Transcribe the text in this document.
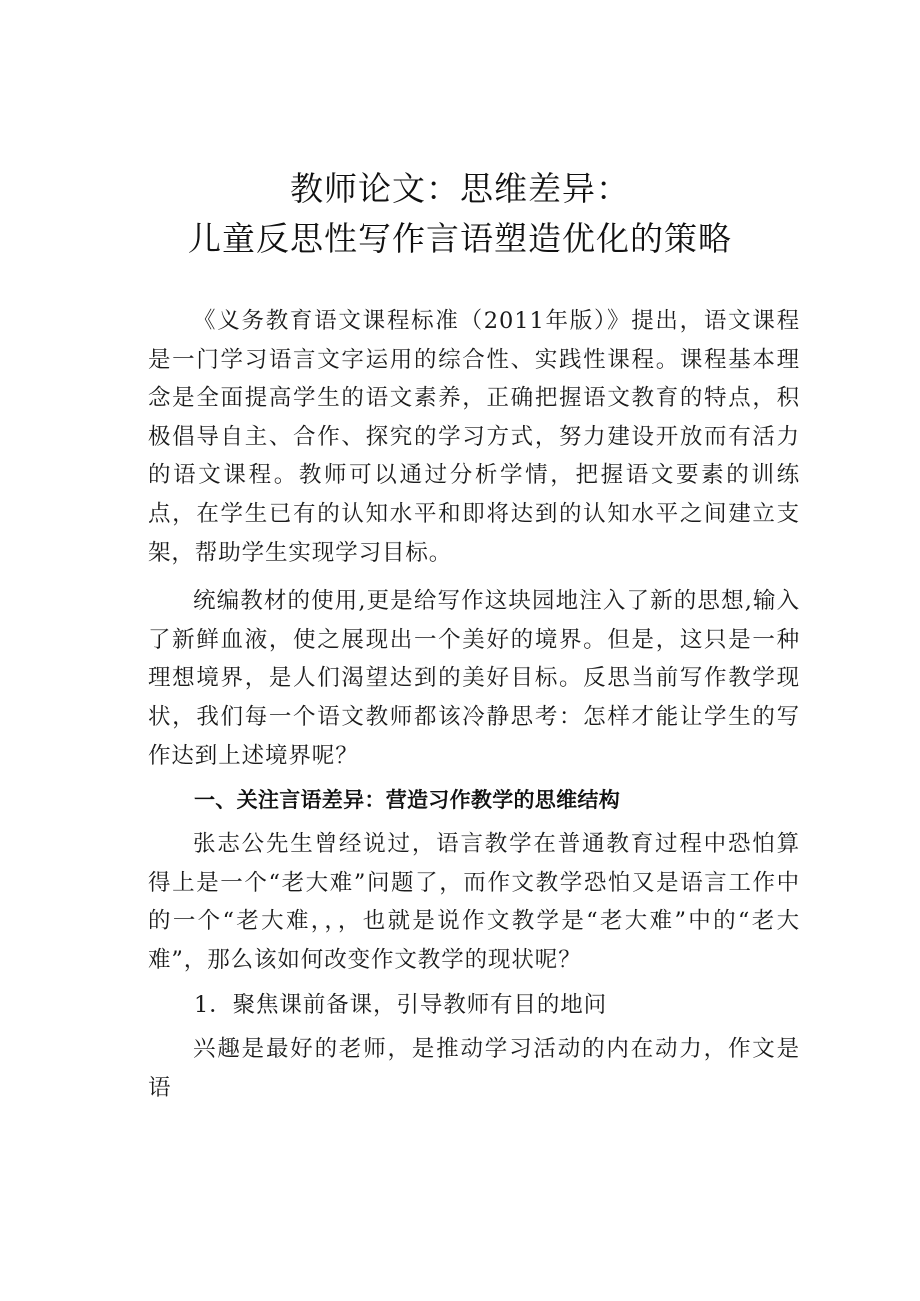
教师论文：思维差异：
儿童反思性写作言语塑造优化的策略

《义务教育语文课程标准（2011年版）》提出，语文课程是一门学习语言文字运用的综合性、实践性课程。课程基本理念是全面提高学生的语文素养，正确把握语文教育的特点，积极倡导自主、合作、探究的学习方式，努力建设开放而有活力的语文课程。教师可以通过分析学情，把握语文要素的训练点，在学生已有的认知水平和即将达到的认知水平之间建立支架，帮助学生实现学习目标。

统编教材的使用,更是给写作这块园地注入了新的思想,输入了新鲜血液，使之展现出一个美好的境界。但是，这只是一种理想境界，是人们渴望达到的美好目标。反思当前写作教学现状，我们每一个语文教师都该冷静思考：怎样才能让学生的写作达到上述境界呢？

一、关注言语差异：营造习作教学的思维结构

张志公先生曾经说过，语言教学在普通教育过程中恐怕算得上是一个“老大难”问题了，而作文教学恐怕又是语言工作中的一个“老大难，，，也就是说作文教学是“老大难”中的“老大难”，那么该如何改变作文教学的现状呢？

1．聚焦课前备课，引导教师有目的地问

兴趣是最好的老师，是推动学习活动的内在动力，作文是语
